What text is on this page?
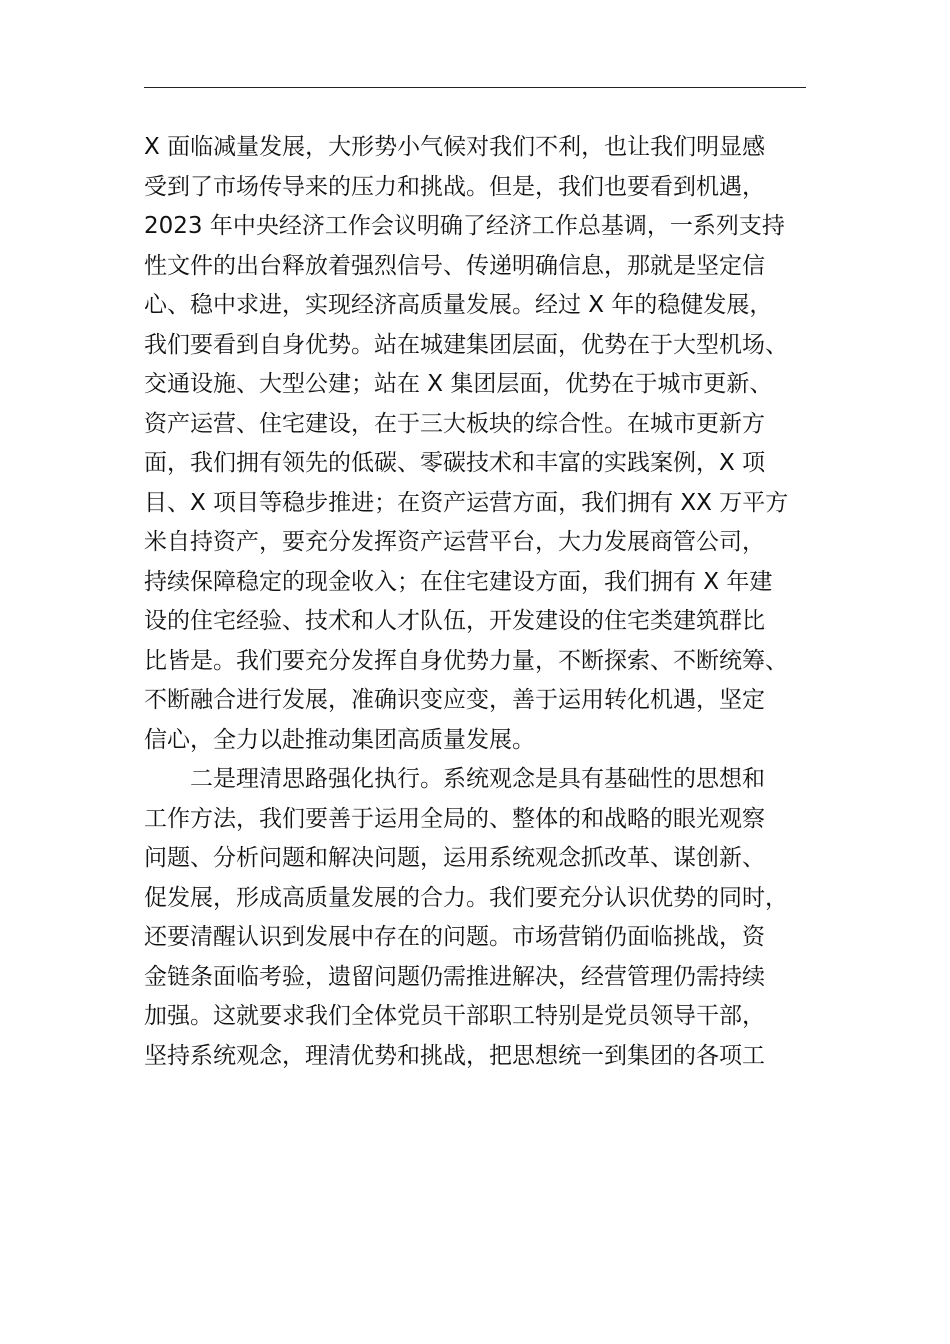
X 面临减量发展，大形势小气候对我们不利，也让我们明显感
受到了市场传导来的压力和挑战。但是，我们也要看到机遇，
2023 年中央经济工作会议明确了经济工作总基调，一系列支持
性文件的出台释放着强烈信号、传递明确信息，那就是坚定信
心、稳中求进，实现经济高质量发展。经过 X 年的稳健发展，
我们要看到自身优势。站在城建集团层面，优势在于大型机场、
交通设施、大型公建；站在 X 集团层面，优势在于城市更新、
资产运营、住宅建设，在于三大板块的综合性。在城市更新方
面，我们拥有领先的低碳、零碳技术和丰富的实践案例，X 项
目、X 项目等稳步推进；在资产运营方面，我们拥有 XX 万平方
米自持资产，要充分发挥资产运营平台，大力发展商管公司，
持续保障稳定的现金收入；在住宅建设方面，我们拥有 X 年建
设的住宅经验、技术和人才队伍，开发建设的住宅类建筑群比
比皆是。我们要充分发挥自身优势力量，不断探索、不断统筹、
不断融合进行发展，准确识变应变，善于运用转化机遇，坚定
信心，全力以赴推动集团高质量发展。
二是理清思路强化执行。系统观念是具有基础性的思想和
工作方法，我们要善于运用全局的、整体的和战略的眼光观察
问题、分析问题和解决问题，运用系统观念抓改革、谋创新、
促发展，形成高质量发展的合力。我们要充分认识优势的同时，
还要清醒认识到发展中存在的问题。市场营销仍面临挑战，资
金链条面临考验，遗留问题仍需推进解决，经营管理仍需持续
加强。这就要求我们全体党员干部职工特别是党员领导干部，
坚持系统观念，理清优势和挑战，把思想统一到集团的各项工
